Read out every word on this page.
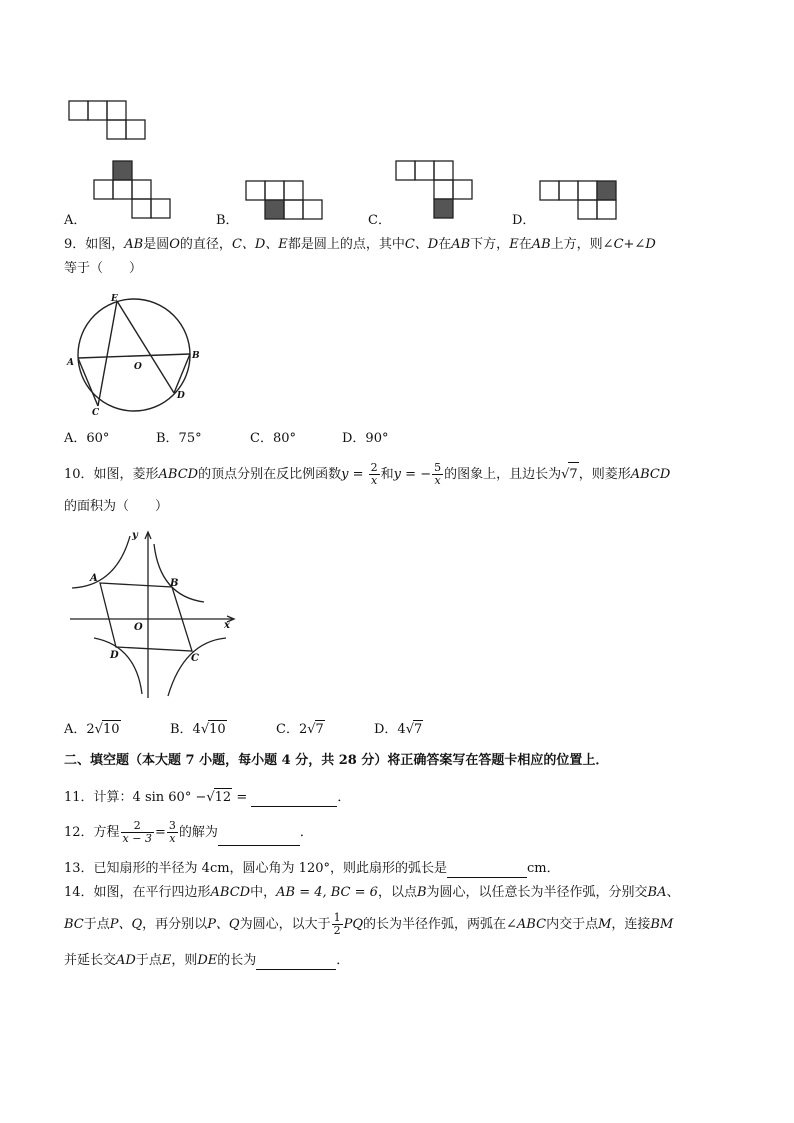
A．	B．	C．	D．
9．如图，AB是圆O的直径，C、D、E都是圆上的点，其中C、D在AB下方，E在AB上方，则∠C+∠D
等于（　　）
E
A	O
B
C
D
A．60°	B．75°	C．80°	D．90°
10．如图，菱形ABCD的顶点分别在反比例函数$y = \frac{2}{x}$ 和y = − $\frac{5}{x}$ 的图象上，且边长为√7，则菱形ABCD
的面积为（　　）
y
A	B
O	x
D	C
A．2√10	B．4√10	C．2√7	D．4√7
二、填空题（本大题 7 小题，每小题 4 分，共 28 分）将正确答案写在答题卡相应的位置上．
11．计算：4 sin 60° −√12 =	．
12．方程 $\frac{2}{x - 3} = \frac{3}{x}$ 的解为	．
13．已知扇形的半径为 4cm，圆心角为 120°，则此扇形的弧长是	cm．
14．如图，在平行四边形ABCD中，AB = 4, BC = 6，以点B为圆心，以任意长为半径作弧，分别交BA、
BC于点P、Q，再分别以P、Q为圆心，以大于 $\frac{1}{2}$ PQ的长为半径作弧，两弧在∠ABC内交于点M，连接BM
并延长交AD于点E，则DE的长为	．
